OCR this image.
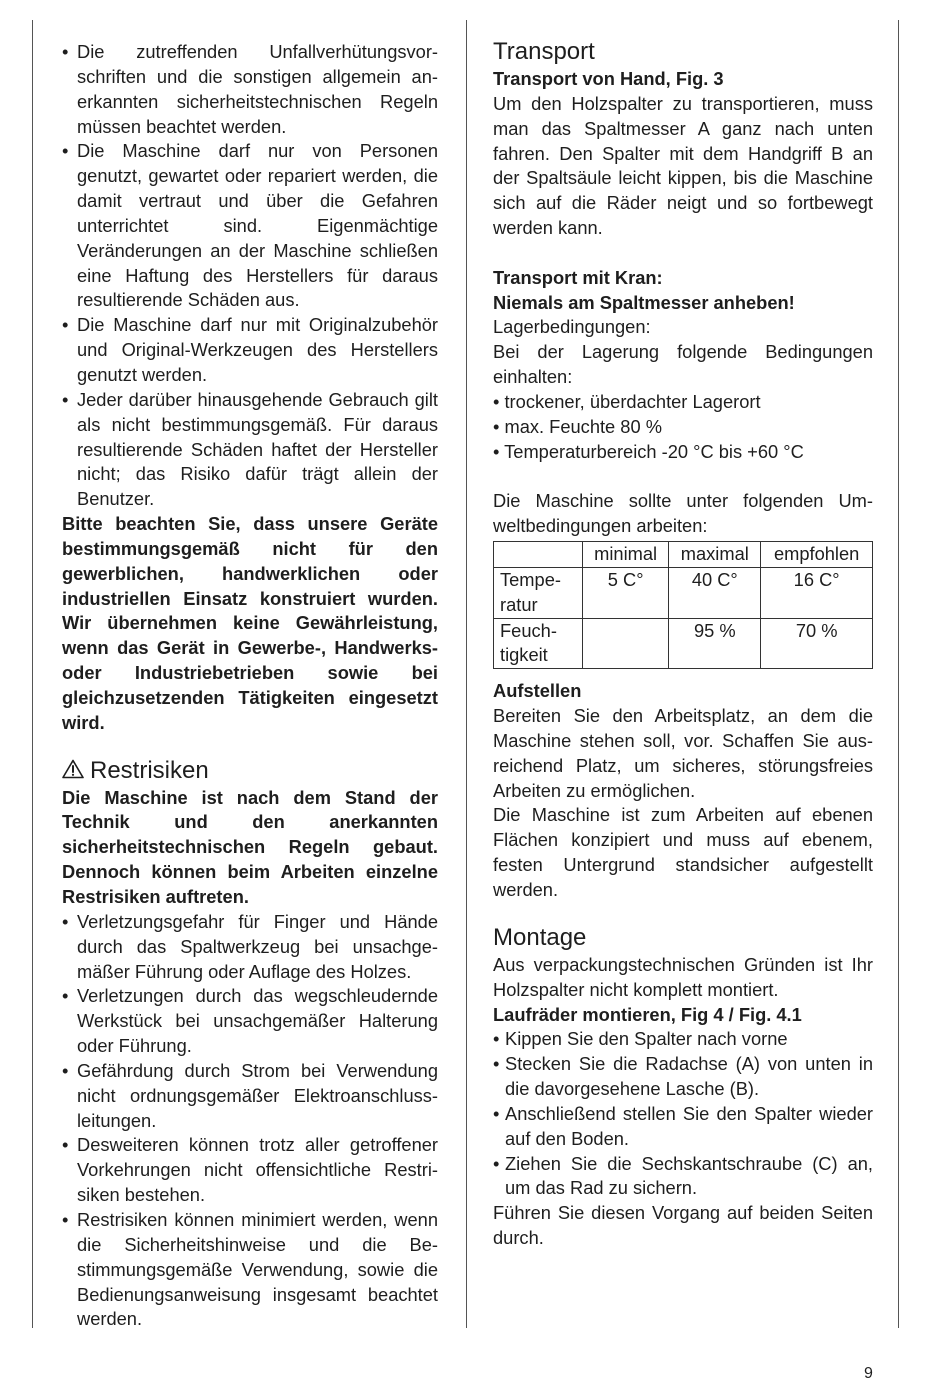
• Die zutreffenden Unfallverhütungsvorschriften und die sonstigen allgemein anerkannten sicherheitstechnischen Regeln müssen beachtet werden.
• Die Maschine darf nur von Personen genutzt, gewartet oder repariert werden, die damit vertraut und über die Gefahren unterrichtet sind. Eigenmächtige Veränderungen an der Maschine schließen eine Haftung des Herstellers für daraus resultierende Schäden aus.
• Die Maschine darf nur mit Originalzubehör und Original-Werkzeugen des Herstellers genutzt werden.
• Jeder darüber hinausgehende Gebrauch gilt als nicht bestimmungsgemäß. Für daraus resultierende Schäden haftet der Hersteller nicht; das Risiko dafür trägt allein der Benutzer.

Bitte beachten Sie, dass unsere Geräte bestimmungsgemäß nicht für den gewerblichen, handwerklichen oder industriellen Einsatz konstruiert wurden. Wir übernehmen keine Gewährleistung, wenn das Gerät in Gewerbe-, Handwerks- oder Industriebetrieben sowie bei gleichzusetzenden Tätigkeiten eingesetzt wird.

Restrisiken

Die Maschine ist nach dem Stand der Technik und den anerkannten sicherheitstechnischen Regeln gebaut. Dennoch können beim Arbeiten einzelne Restrisiken auftreten.

• Verletzungsgefahr für Finger und Hände durch das Spaltwerkzeug bei unsachgemäßer Führung oder Auflage des Holzes.
• Verletzungen durch das wegschleudernde Werkstück bei unsachgemäßer Halterung oder Führung.
• Gefährdung durch Strom bei Verwendung nicht ordnungsgemäßer Elektroanschlussleitungen.
• Desweiteren können trotz aller getroffener Vorkehrungen nicht offensichtliche Restrisiken bestehen.
• Restrisiken können minimiert werden, wenn die Sicherheitshinweise und die Bestimmungsgemäße Verwendung, sowie die Bedienungsanweisung insgesamt beachtet werden.
Transport

Transport von Hand, Fig. 3

Um den Holzspalter zu transportieren, muss man das Spaltmesser A ganz nach unten fahren. Den Spalter mit dem Handgriff B an der Spaltsäule leicht kippen, bis die Maschine sich auf die Räder neigt und so fortbewegt werden kann.

Transport mit Kran:

Niemals am Spaltmesser anheben!

Lagerbedingungen:

Bei der Lagerung folgende Bedingungen einhalten:

• trockener, überdachter Lagerort

• max. Feuchte 80 %

• Temperaturbereich -20 °C bis +60 °C

Die Maschine sollte unter folgenden Umweltbedingungen arbeiten:

	minimal	maximal	empfohlen
Temperatur	5 C°	40 C°	16 C°
Feuchtigkeit		95 %	70 %

Aufstellen

Bereiten Sie den Arbeitsplatz, an dem die Maschine stehen soll, vor. Schaffen Sie ausreichend Platz, um sicheres, störungsfreies Arbeiten zu ermöglichen.

Die Maschine ist zum Arbeiten auf ebenen Flächen konzipiert und muss auf ebenem, festen Untergrund standsicher aufgestellt werden.

Montage

Aus verpackungstechnischen Gründen ist Ihr Holzspalter nicht komplett montiert.

Laufräder montieren, Fig 4 / Fig. 4.1

• Kippen Sie den Spalter nach vorne
• Stecken Sie die Radachse (A) von unten in die davorgesehene Lasche (B).
• Anschließend stellen Sie den Spalter wieder auf den Boden.
• Ziehen Sie die Sechskantschraube (C) an, um das Rad zu sichern.

Führen Sie diesen Vorgang auf beiden Seiten durch.

9
